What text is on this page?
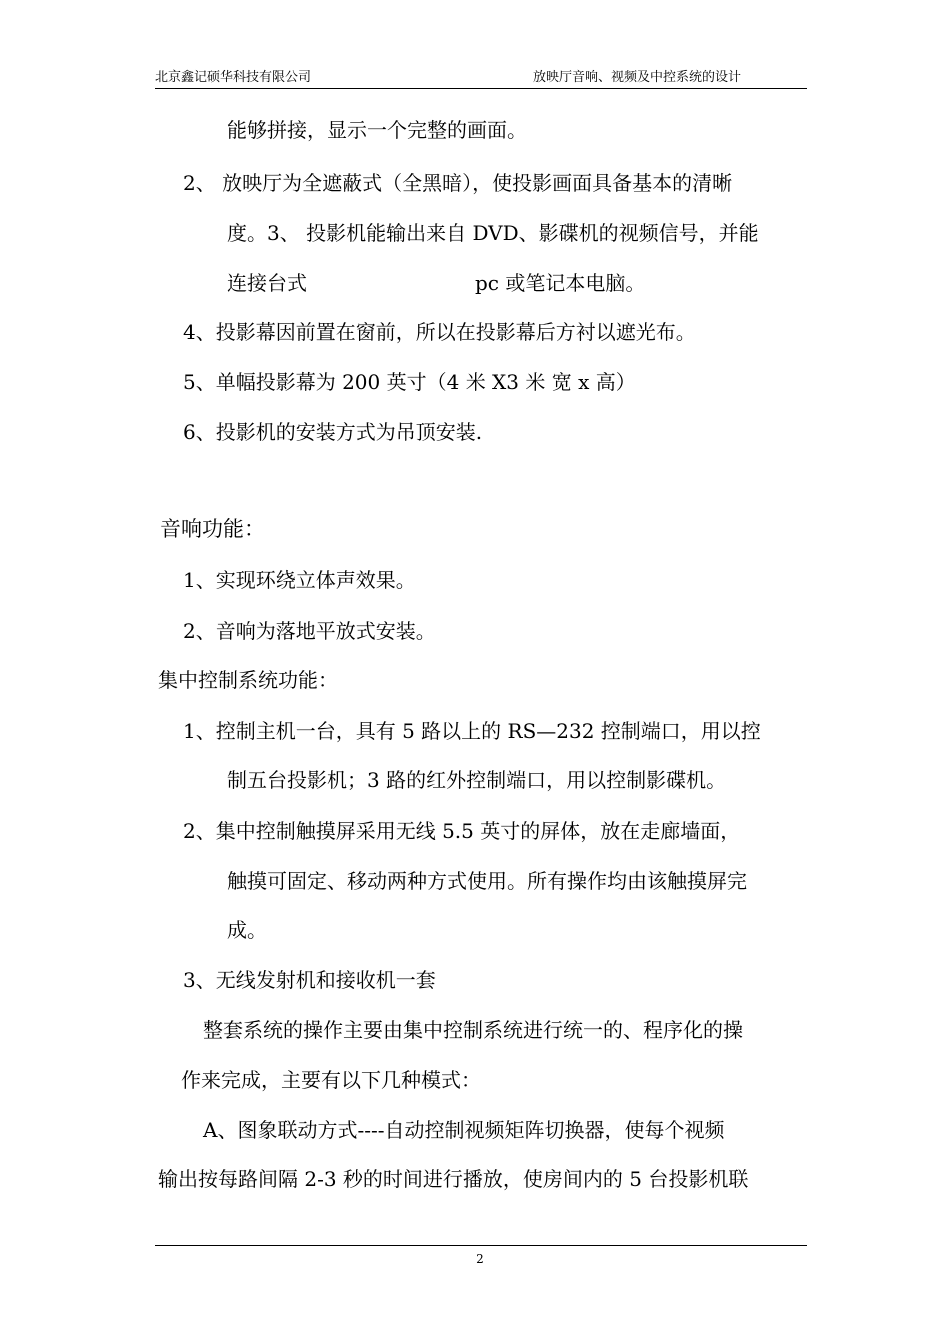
北京鑫记硕华科技有限公司	放映厅音响、视频及中控系统的设计
能够拼接，显示一个完整的画面。
2、 放映厅为全遮蔽式（全黑暗），使投影画面具备基本的清晰
度。3、 投影机能输出来自 DVD、影碟机的视频信号，并能
连接台式	pc 或笔记本电脑。
4、投影幕因前置在窗前，所以在投影幕后方衬以遮光布。
5、单幅投影幕为 200 英寸（4 米 X3 米 宽 x 高）
6、投影机的安装方式为吊顶安装.
音响功能：
1、实现环绕立体声效果。
2、音响为落地平放式安装。
集中控制系统功能：
1、控制主机一台，具有 5 路以上的 RS—232 控制端口，用以控
制五台投影机；3 路的红外控制端口，用以控制影碟机。
2、集中控制触摸屏采用无线 5.5 英寸的屏体，放在走廊墙面，
触摸可固定、移动两种方式使用。所有操作均由该触摸屏完
成。
3、无线发射机和接收机一套
整套系统的操作主要由集中控制系统进行统一的、程序化的操
作来完成，主要有以下几种模式：
A、图象联动方式----自动控制视频矩阵切换器，使每个视频
输出按每路间隔 2-3 秒的时间进行播放，使房间内的 5 台投影机联
2
